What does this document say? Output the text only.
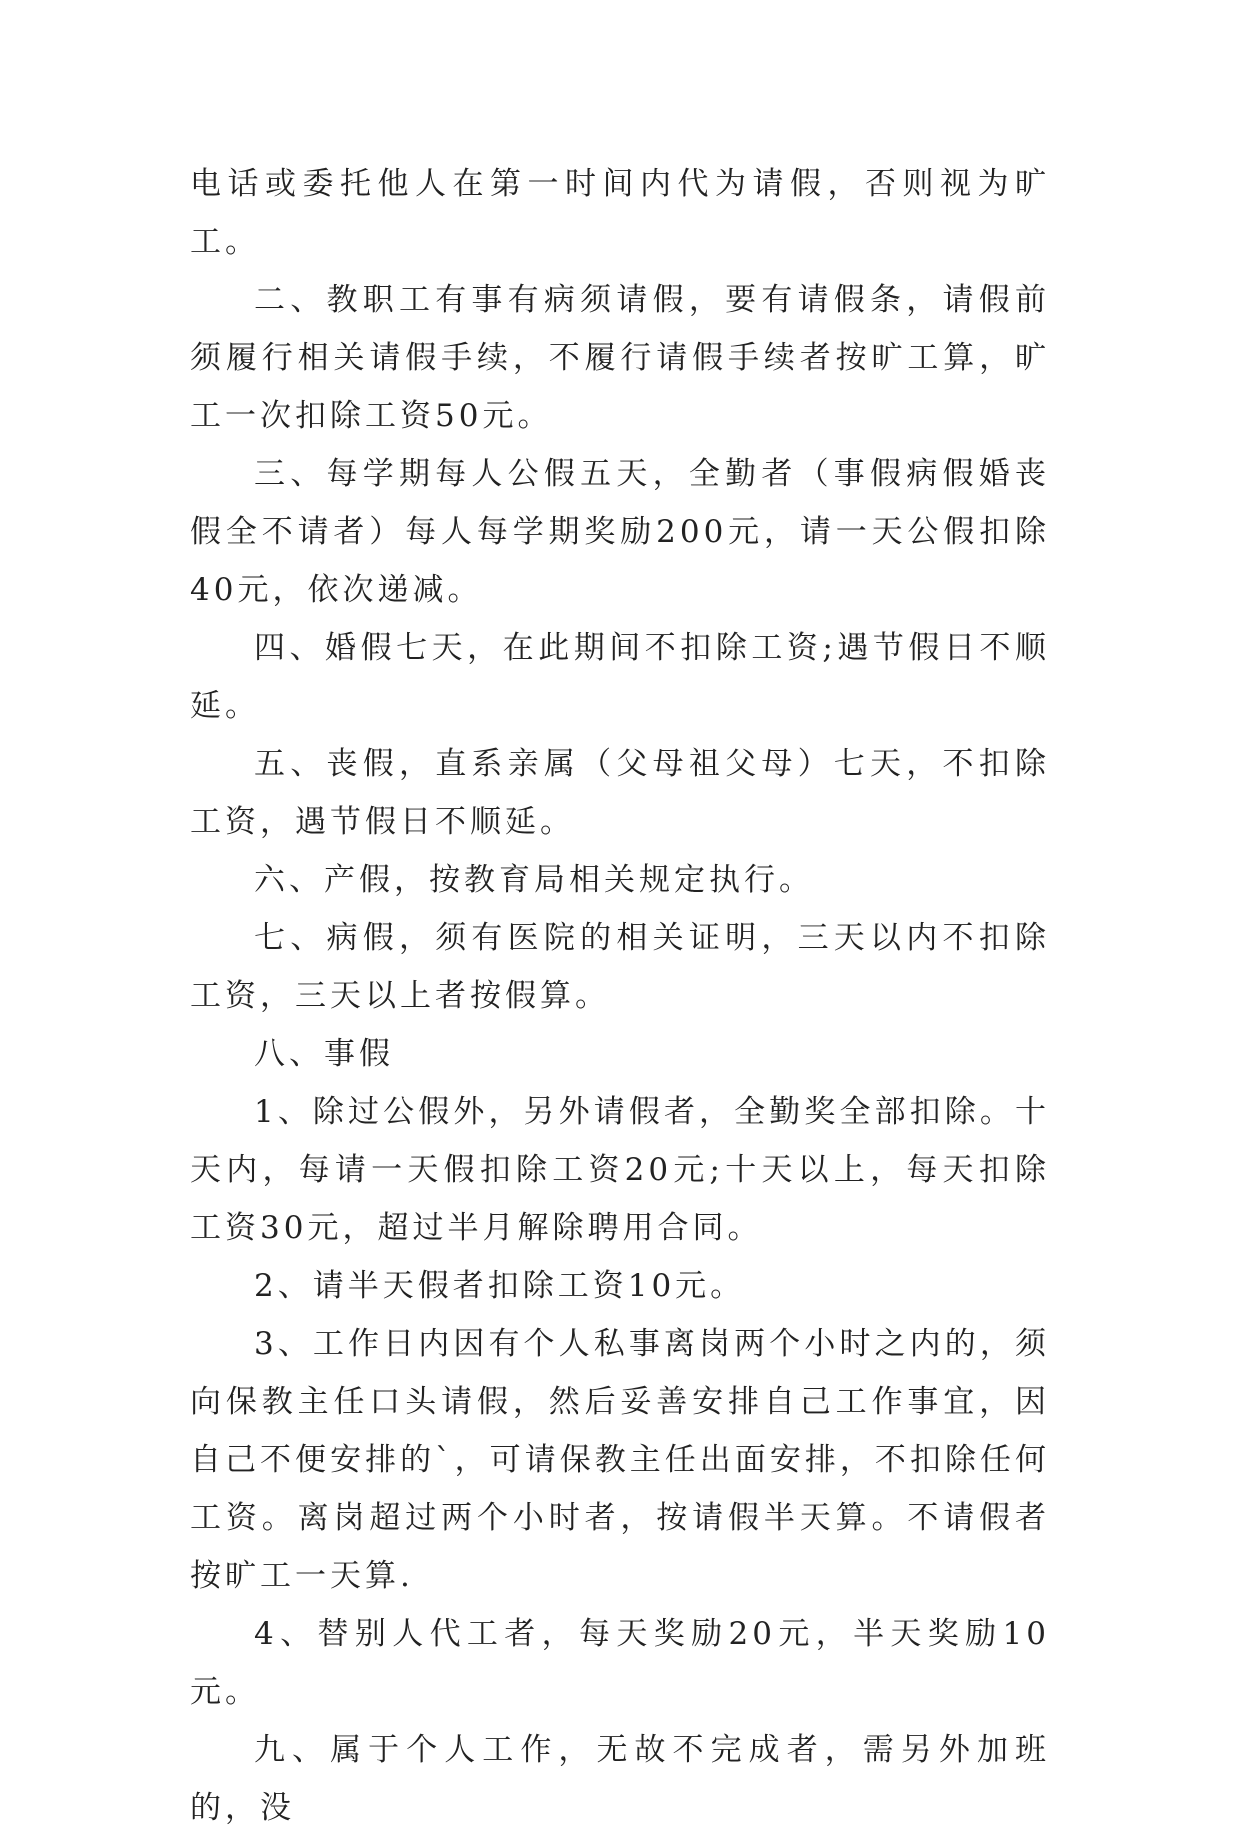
电话或委托他人在第一时间内代为请假，否则视为旷工。

二、教职工有事有病须请假，要有请假条，请假前须履行相关请假手续，不履行请假手续者按旷工算，旷工一次扣除工资50元。

三、每学期每人公假五天，全勤者（事假病假婚丧假全不请者）每人每学期奖励200元，请一天公假扣除40元，依次递减。

四、婚假七天，在此期间不扣除工资;遇节假日不顺延。

五、丧假，直系亲属（父母祖父母）七天，不扣除工资，遇节假日不顺延。

六、产假，按教育局相关规定执行。

七、病假，须有医院的相关证明，三天以内不扣除工资，三天以上者按假算。

八、事假

1、除过公假外，另外请假者，全勤奖全部扣除。十天内，每请一天假扣除工资20元;十天以上，每天扣除工资30元，超过半月解除聘用合同。

2、请半天假者扣除工资10元。

3、工作日内因有个人私事离岗两个小时之内的，须向保教主任口头请假，然后妥善安排自己工作事宜，因自己不便安排的`，可请保教主任出面安排，不扣除任何工资。离岗超过两个小时者，按请假半天算。不请假者按旷工一天算.

4、替别人代工者，每天奖励20元，半天奖励10元。

九、属于个人工作，无故不完成者，需另外加班的，没
